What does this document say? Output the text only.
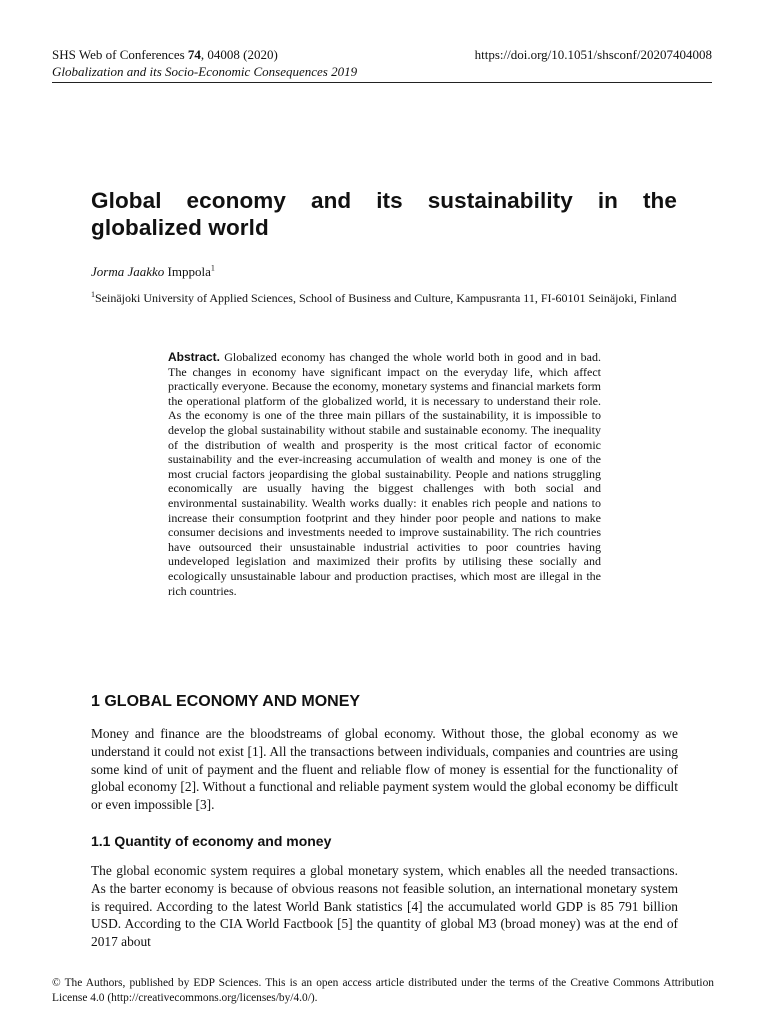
SHS Web of Conferences 74, 04008 (2020)	https://doi.org/10.1051/shsconf/20207404008
Globalization and its Socio-Economic Consequences 2019
Global economy and its sustainability in the globalized world
Jorma Jaakko Imppola$^1$
$^1$Seinäjoki University of Applied Sciences, School of Business and Culture, Kampusranta 11, FI-60101 Seinäjoki, Finland
Abstract. Globalized economy has changed the whole world both in good and in bad. The changes in economy have significant impact on the everyday life, which affect practically everyone. Because the economy, monetary systems and financial markets form the operational platform of the globalized world, it is necessary to understand their role. As the economy is one of the three main pillars of the sustainability, it is impossible to develop the global sustainability without stabile and sustainable economy. The inequality of the distribution of wealth and prosperity is the most critical factor of economic sustainability and the ever-increasing accumulation of wealth and money is one of the most crucial factors jeopardising the global sustainability. People and nations struggling economically are usually having the biggest challenges with both social and environmental sustainability. Wealth works dually: it enables rich people and nations to increase their consumption footprint and they hinder poor people and nations to make consumer decisions and investments needed to improve sustainability. The rich countries have outsourced their unsustainable industrial activities to poor countries having undeveloped legislation and maximized their profits by utilising these socially and ecologically unsustainable labour and production practises, which most are illegal in the rich countries.
1 GLOBAL ECONOMY AND MONEY
Money and finance are the bloodstreams of global economy. Without those, the global economy as we understand it could not exist [1]. All the transactions between individuals, companies and countries are using some kind of unit of payment and the fluent and reliable flow of money is essential for the functionality of global economy [2]. Without a functional and reliable payment system would the global economy be difficult or even impossible [3].
1.1 Quantity of economy and money
The global economic system requires a global monetary system, which enables all the needed transactions. As the barter economy is because of obvious reasons not feasible solution, an international monetary system is required. According to the latest World Bank statistics [4] the accumulated world GDP is 85 791 billion USD. According to the CIA World Factbook [5] the quantity of global M3 (broad money) was at the end of 2017 about
© The Authors, published by EDP Sciences. This is an open access article distributed under the terms of the Creative Commons Attribution License 4.0 (http://creativecommons.org/licenses/by/4.0/).
